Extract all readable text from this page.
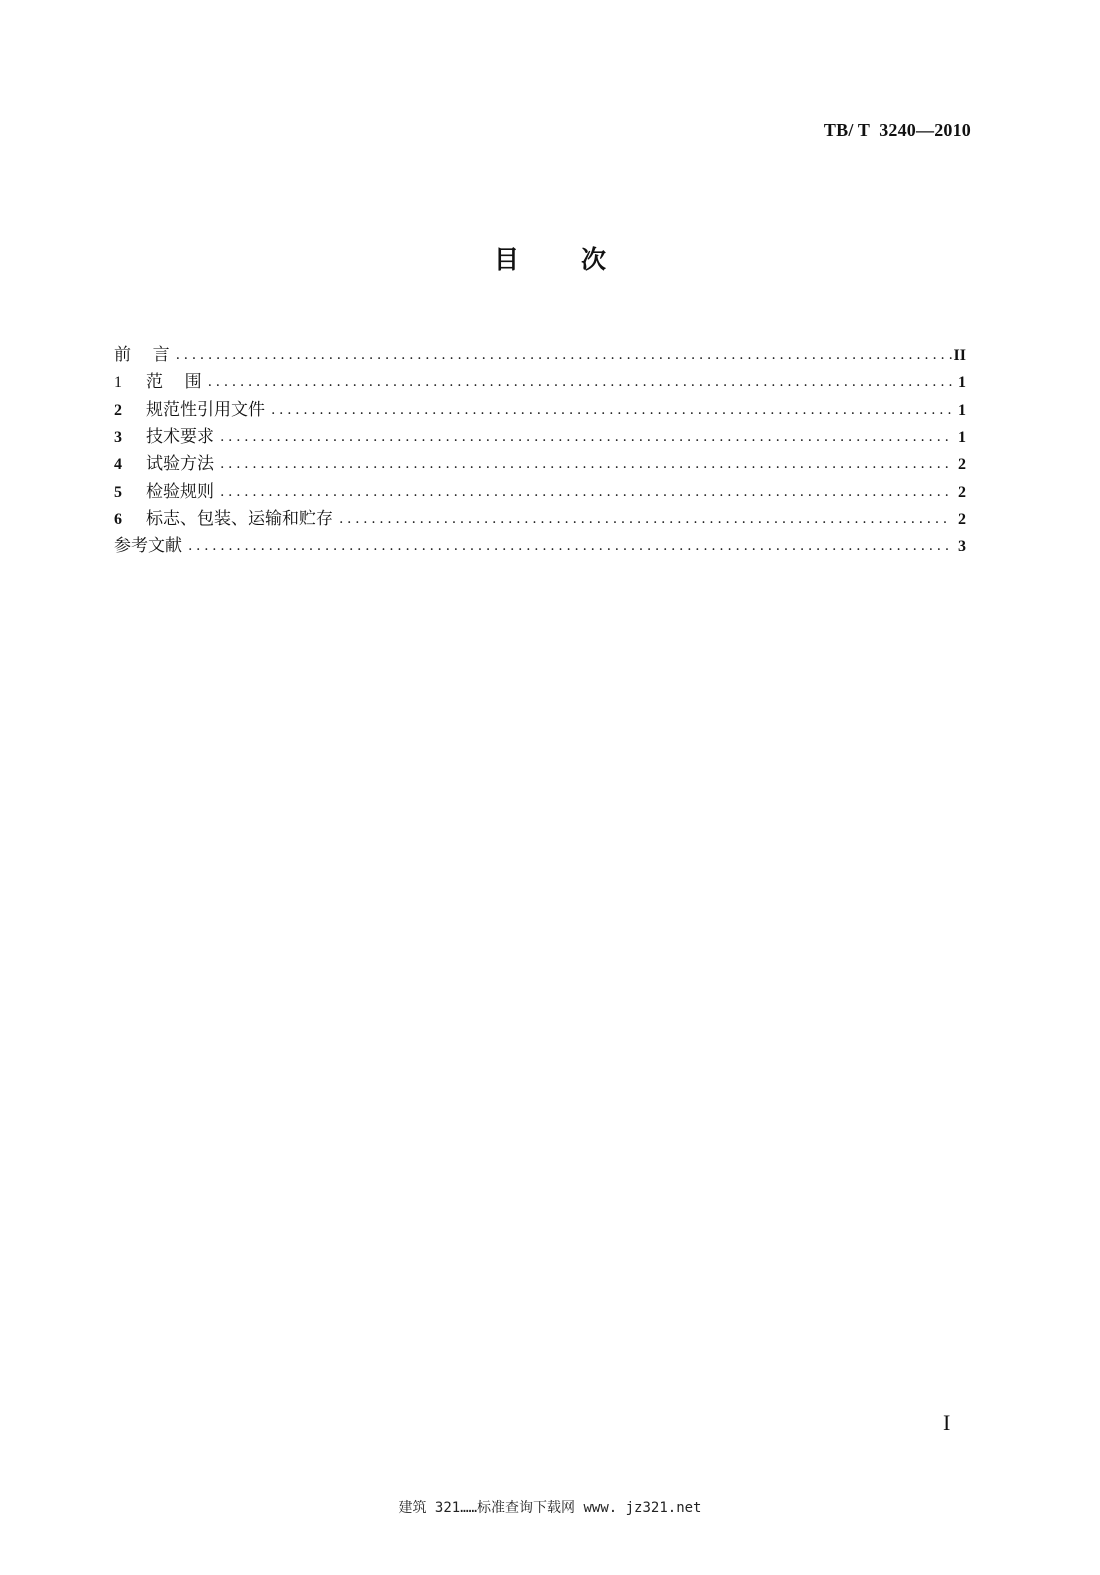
TB/ T  3240—2010
目次
前    言 .....	II
1	范    围 .....	1
2	规范性引用文件 .....	1
3	技术要求 .....	1
4	试验方法 .....	2
5	检验规则 .....	2
6	标志、包装、运输和贮存 .....	2
参考文献 .....	3
I
建筑 321……标准查询下载网 www. jz321.net
